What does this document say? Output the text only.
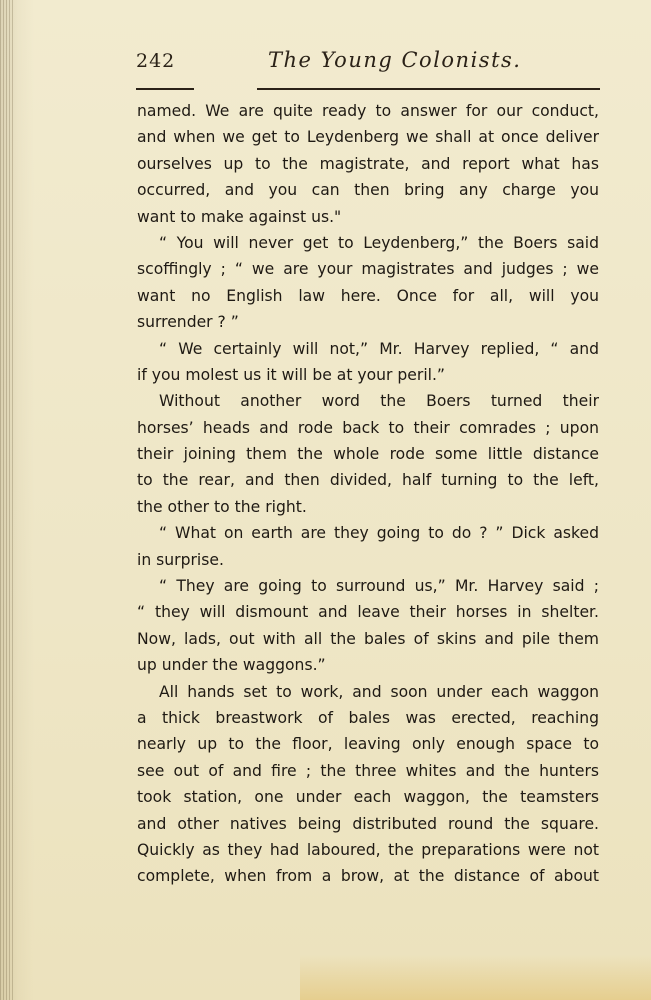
242	The Young Colonists.
named. We are quite ready to answer for our conduct,
and when we get to Leydenberg we shall at once deliver
ourselves up to the magistrate, and report what has
occurred, and you can then bring any charge you
want to make against us."
“ You will never get to Leydenberg,” the Boers said
scoffingly ; “ we are your magistrates and judges ; we
want no English law here. Once for all, will you
surrender ? ”
“ We certainly will not,” Mr. Harvey replied, “ and
if you molest us it will be at your peril.”
Without another word the Boers turned their
horses’ heads and rode back to their comrades ; upon
their joining them the whole rode some little distance
to the rear, and then divided, half turning to the left,
the other to the right.
“ What on earth are they going to do ? ” Dick asked
in surprise.
“ They are going to surround us,” Mr. Harvey said ;
“ they will dismount and leave their horses in shelter.
Now, lads, out with all the bales of skins and pile them
up under the waggons.”
All hands set to work, and soon under each waggon
a thick breastwork of bales was erected, reaching
nearly up to the floor, leaving only enough space to
see out of and fire ; the three whites and the hunters
took station, one under each waggon, the teamsters
and other natives being distributed round the square.
Quickly as they had laboured, the preparations were not
complete, when from a brow, at the distance of about
